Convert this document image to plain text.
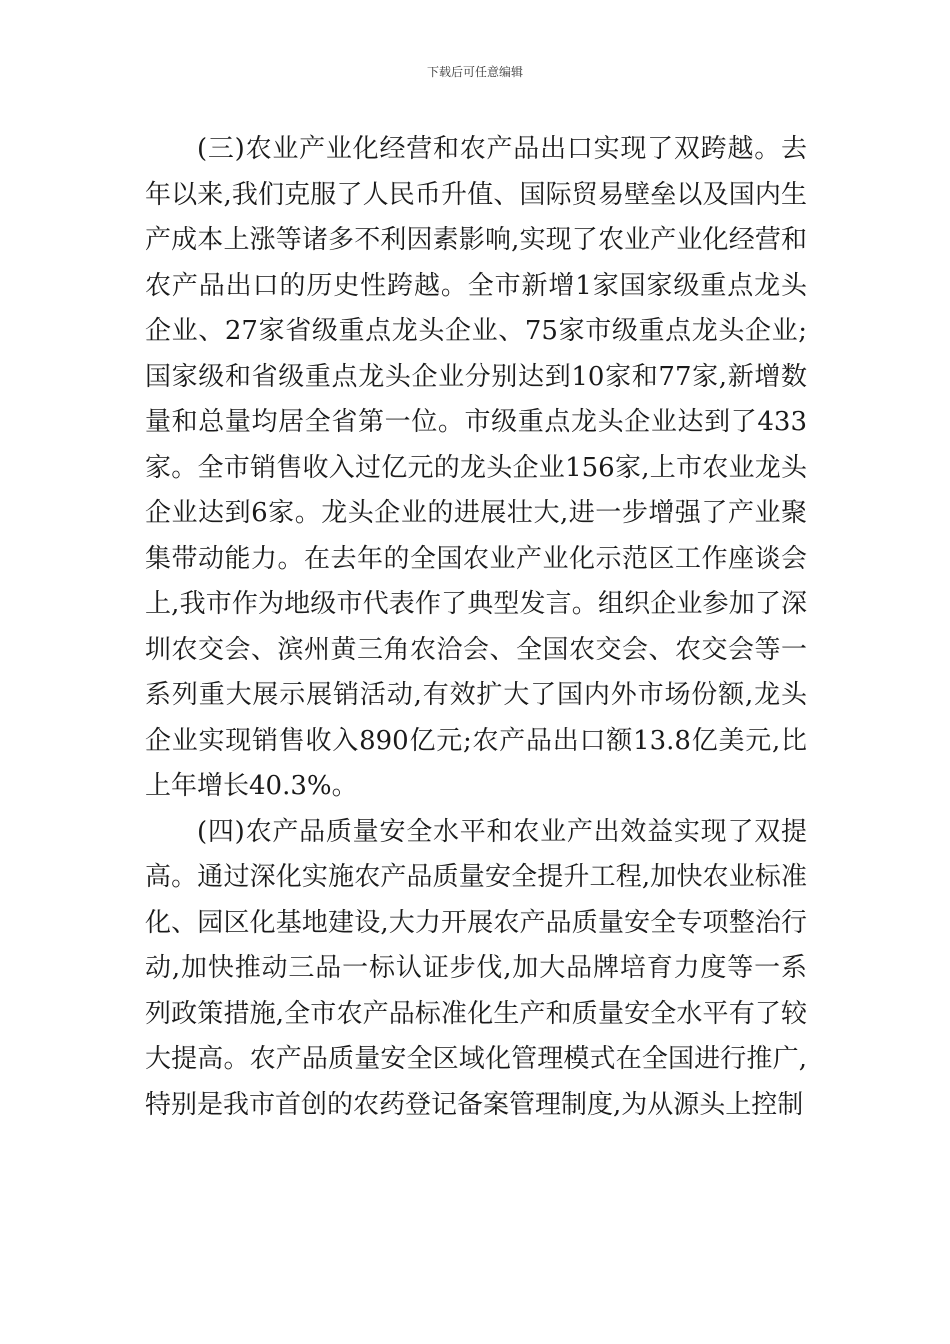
下载后可任意编辑

(三)农业产业化经营和农产品出口实现了双跨越。去年以来,我们克服了人民币升值、国际贸易壁垒以及国内生产成本上涨等诸多不利因素影响,实现了农业产业化经营和农产品出口的历史性跨越。全市新增1家国家级重点龙头企业、27家省级重点龙头企业、75家市级重点龙头企业;国家级和省级重点龙头企业分别达到10家和77家,新增数量和总量均居全省第一位。市级重点龙头企业达到了433家。全市销售收入过亿元的龙头企业156家,上市农业龙头企业达到6家。龙头企业的进展壮大,进一步增强了产业聚集带动能力。在去年的全国农业产业化示范区工作座谈会上,我市作为地级市代表作了典型发言。组织企业参加了深圳农交会、滨州黄三角农洽会、全国农交会、农交会等一系列重大展示展销活动,有效扩大了国内外市场份额,龙头企业实现销售收入890亿元;农产品出口额13.8亿美元,比上年增长40.3%。

(四)农产品质量安全水平和农业产出效益实现了双提高。通过深化实施农产品质量安全提升工程,加快农业标准化、园区化基地建设,大力开展农产品质量安全专项整治行动,加快推动三品一标认证步伐,加大品牌培育力度等一系列政策措施,全市农产品标准化生产和质量安全水平有了较大提高。农产品质量安全区域化管理模式在全国进行推广,特别是我市首创的农药登记备案管理制度,为从源头上控制
